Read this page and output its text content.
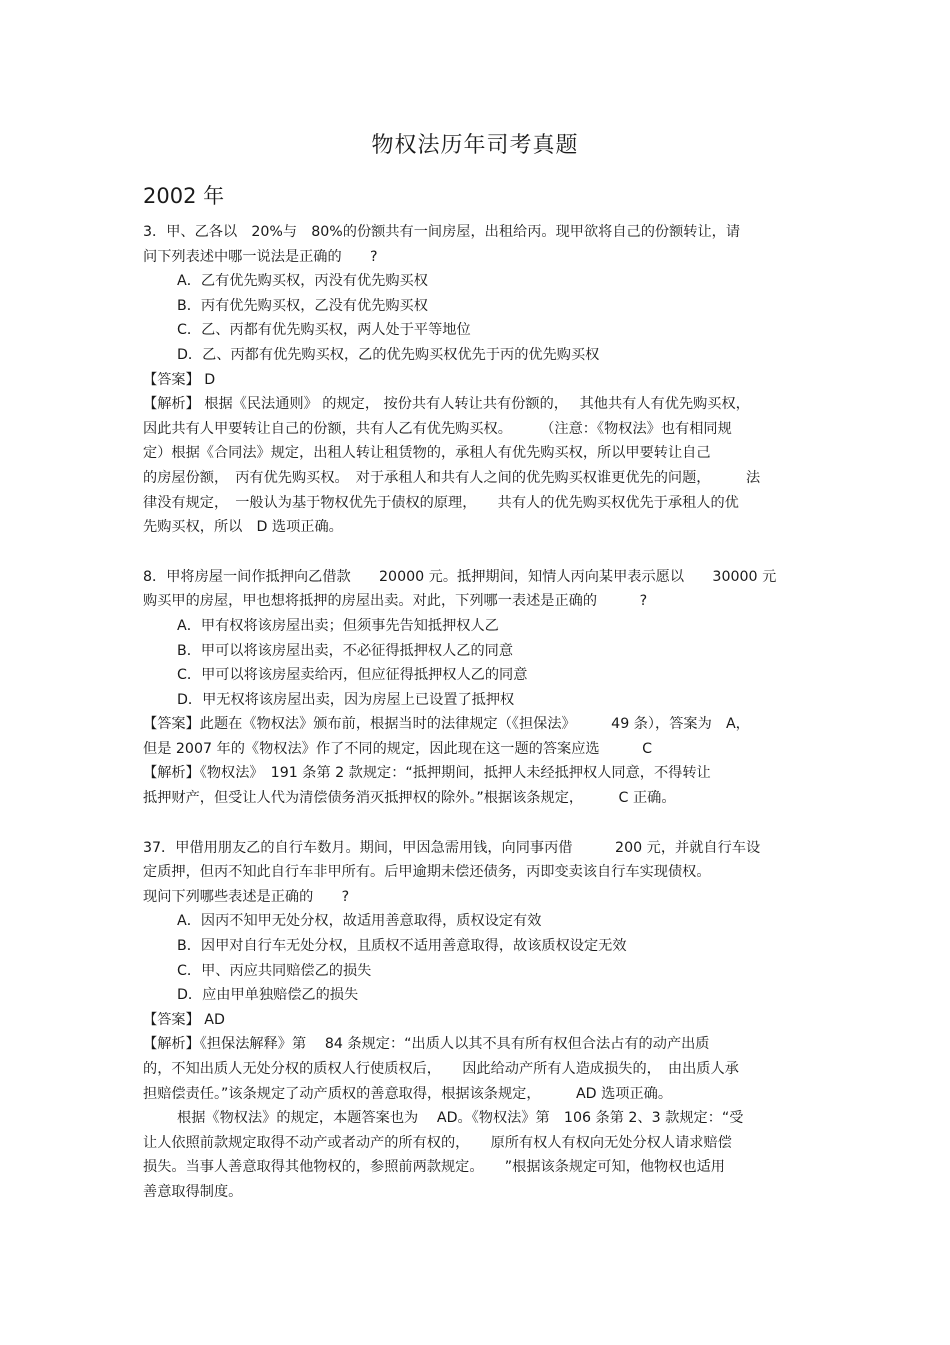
物权法历年司考真题
2002 年

3．甲、乙各以　20%与　80%的份额共有一间房屋，出租给丙。现甲欲将自己的份额转让，请

问下列表述中哪一说法是正确的　　?

A．乙有优先购买权，丙没有优先购买权

B．丙有优先购买权，乙没有优先购买权

C．乙、丙都有优先购买权，两人处于平等地位

D．乙、丙都有优先购买权，乙的优先购买权优先于丙的优先购买权

【答案】 D

【解析】 根据《民法通则》 的规定， 按份共有人转让共有份额的，　 其他共有人有优先购买权，

因此共有人甲要转让自己的份额，共有人乙有优先购买权。　　　（注意：《物权法》也有相同规

定）根据《合同法》规定，出租人转让租赁物的，承租人有优先购买权，所以甲要转让自己

的房屋份额，　丙有优先购买权。　对于承租人和共有人之间的优先购买权谁更优先的问题，　　　法

律没有规定，　一般认为基于物权优先于债权的原理，　　共有人的优先购买权优先于承租人的优

先购买权，所以　D 选项正确。

8．甲将房屋一间作抵押向乙借款　　20000 元。抵押期间，知情人丙向某甲表示愿以　　30000 元

购买甲的房屋，甲也想将抵押的房屋出卖。对此，下列哪一表述是正确的　　　?

A．甲有权将该房屋出卖；但须事先告知抵押权人乙

B．甲可以将该房屋出卖，不必征得抵押权人乙的同意

C．甲可以将该房屋卖给丙，但应征得抵押权人乙的同意

D．甲无权将该房屋出卖，因为房屋上已设置了抵押权

【答案】此题在《物权法》颁布前，根据当时的法律规定（《担保法》　　　49 条），答案为　A，

但是 2007 年的《物权法》作了不同的规定，因此现在这一题的答案应选　　　C

【解析】《物权法》　191 条第 2 款规定：“抵押期间，抵押人未经抵押权人同意，不得转让

抵押财产，但受让人代为清偿债务消灭抵押权的除外。”根据该条规定，　　　C 正确。

37．甲借用朋友乙的自行车数月。期间，甲因急需用钱，向同事丙借　　　200 元，并就自行车设

定质押，但丙不知此自行车非甲所有。后甲逾期未偿还债务，丙即变卖该自行车实现债权。

现问下列哪些表述是正确的　　?

A．因丙不知甲无处分权，故适用善意取得，质权设定有效

B．因甲对自行车无处分权，且质权不适用善意取得，故该质权设定无效

C．甲、丙应共同赔偿乙的损失

D．应由甲单独赔偿乙的损失

【答案】 AD

【解析】《担保法解释》第　 84 条规定：“出质人以其不具有所有权但合法占有的动产出质

的，不知出质人无处分权的质权人行使质权后，　　因此给动产所有人造成损失的，　由出质人承

担赔偿责任。”该条规定了动产质权的善意取得，根据该条规定，　　　AD 选项正确。

根据《物权法》的规定，本题答案也为　 AD。《物权法》第　106 条第 2、3 款规定：“受

让人依照前款规定取得不动产或者动产的所有权的，　　原所有权人有权向无处分权人请求赔偿

损失。当事人善意取得其他物权的，参照前两款规定。　　”根据该条规定可知，他物权也适用

善意取得制度。
